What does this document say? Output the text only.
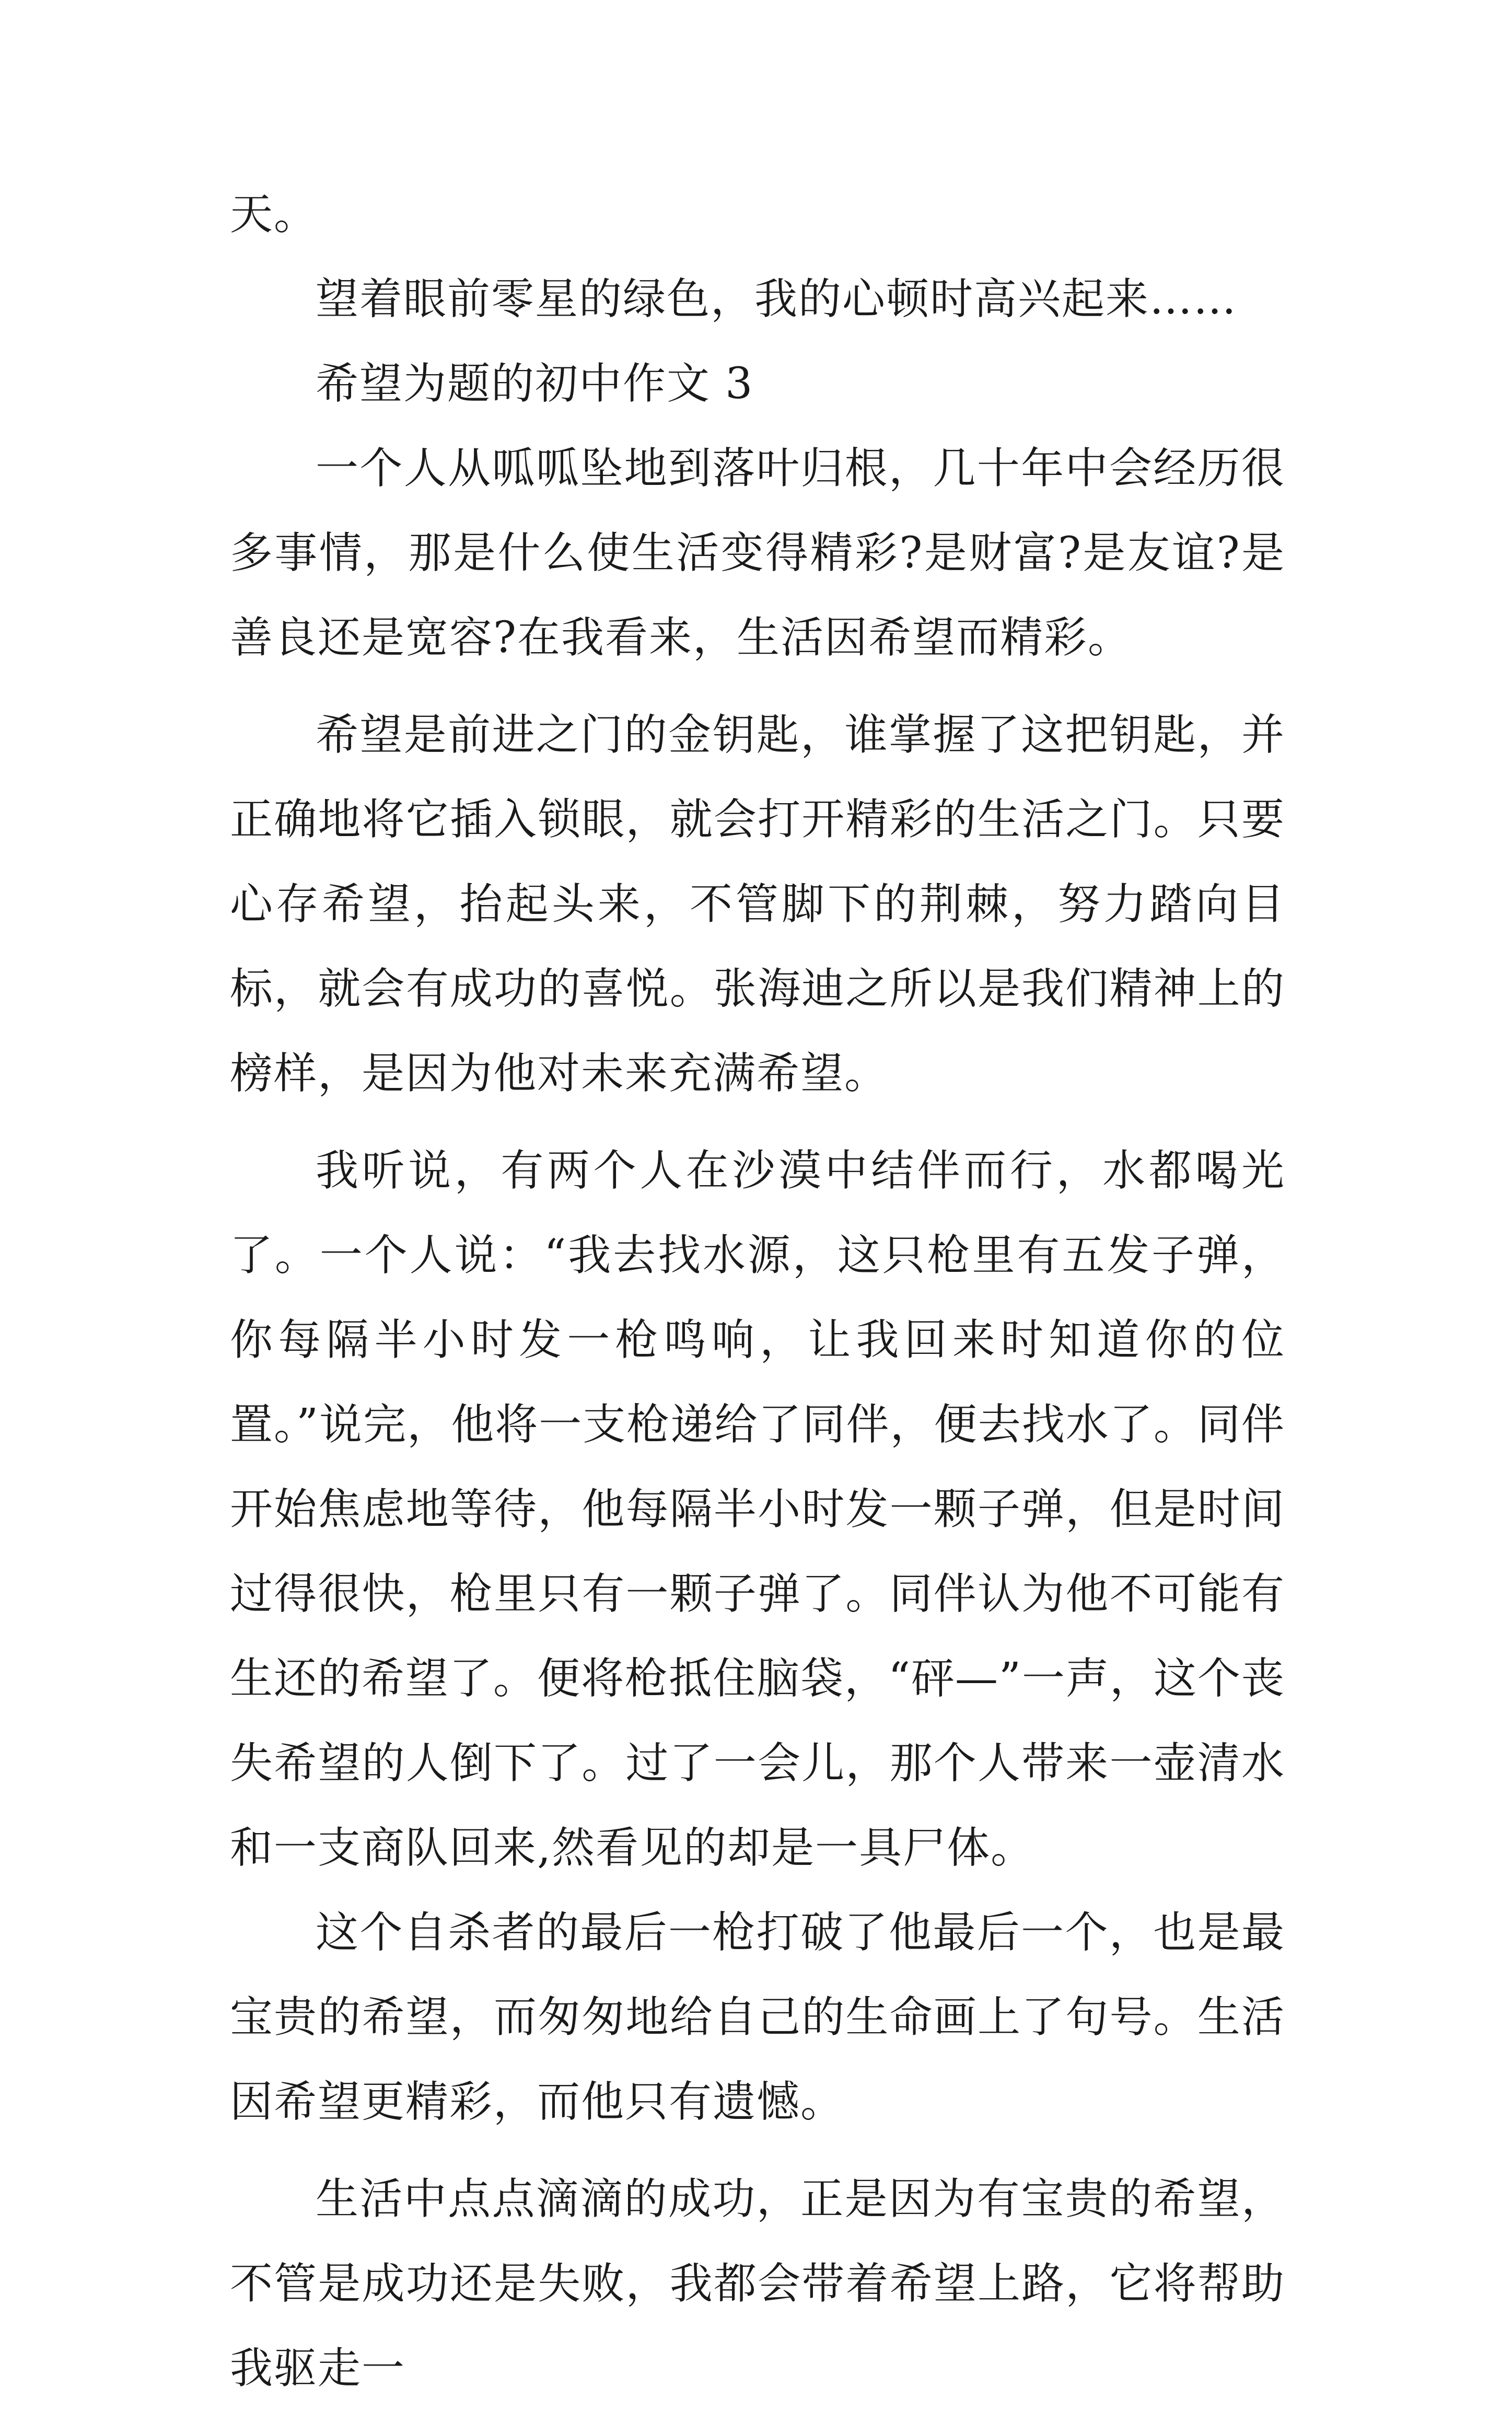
天。

望着眼前零星的绿色，我的心顿时高兴起来……

希望为题的初中作文 3

一个人从呱呱坠地到落叶归根，几十年中会经历很多事情，那是什么使生活变得精彩?是财富?是友谊?是善良还是宽容?在我看来，生活因希望而精彩。

希望是前进之门的金钥匙，谁掌握了这把钥匙，并正确地将它插入锁眼，就会打开精彩的生活之门。只要心存希望，抬起头来，不管脚下的荆棘，努力踏向目标，就会有成功的喜悦。张海迪之所以是我们精神上的榜样，是因为他对未来充满希望。

我听说，有两个人在沙漠中结伴而行，水都喝光了。一个人说：“我去找水源，这只枪里有五发子弹，你每隔半小时发一枪鸣响，让我回来时知道你的位置。”说完，他将一支枪递给了同伴，便去找水了。同伴开始焦虑地等待，他每隔半小时发一颗子弹，但是时间过得很快，枪里只有一颗子弹了。同伴认为他不可能有生还的希望了。便将枪抵住脑袋，“砰—”一声，这个丧失希望的人倒下了。过了一会儿，那个人带来一壶清水和一支商队回来,然看见的却是一具尸体。

这个自杀者的最后一枪打破了他最后一个，也是最宝贵的希望，而匆匆地给自己的生命画上了句号。生活因希望更精彩，而他只有遗憾。

生活中点点滴滴的成功，正是因为有宝贵的希望，不管是成功还是失败，我都会带着希望上路，它将帮助我驱走一
